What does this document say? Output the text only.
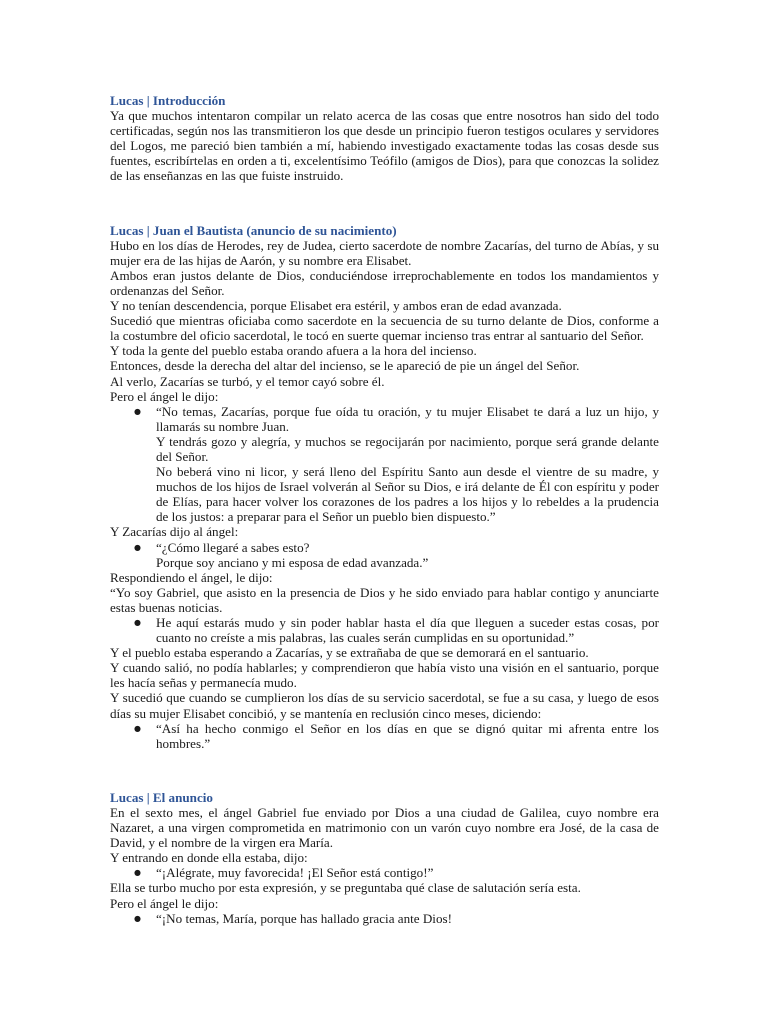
Lucas | Introducción

Ya que muchos intentaron compilar un relato acerca de las cosas que entre nosotros han sido del todo certificadas, según nos las transmitieron los que desde un principio fueron testigos oculares y servidores del Logos, me pareció bien también a mí, habiendo investigado exactamente todas las cosas desde sus fuentes, escribírtelas en orden a ti, excelentísimo Teófilo (amigos de Dios), para que conozcas la solidez de las enseñanzas en las que fuiste instruido.

Lucas | Juan el Bautista (anuncio de su nacimiento)

Hubo en los días de Herodes, rey de Judea, cierto sacerdote de nombre Zacarías, del turno de Abías, y su mujer era de las hijas de Aarón, y su nombre era Elisabet.

Ambos eran justos delante de Dios, conduciéndose irreprochablemente en todos los mandamientos y ordenanzas del Señor.

Y no tenían descendencia, porque Elisabet era estéril, y ambos eran de edad avanzada.

Sucedió que mientras oficiaba como sacerdote en la secuencia de su turno delante de Dios, conforme a la costumbre del oficio sacerdotal, le tocó en suerte quemar incienso tras entrar al santuario del Señor.

Y toda la gente del pueblo estaba orando afuera a la hora del incienso.

Entonces, desde la derecha del altar del incienso, se le apareció de pie un ángel del Señor.

Al verlo, Zacarías se turbó, y el temor cayó sobre él.

Pero el ángel le dijo:

● “No temas, Zacarías, porque fue oída tu oración, y tu mujer Elisabet te dará a luz un hijo, y llamarás su nombre Juan.
Y tendrás gozo y alegría, y muchos se regocijarán por nacimiento, porque será grande delante del Señor.
No beberá vino ni licor, y será lleno del Espíritu Santo aun desde el vientre de su madre, y muchos de los hijos de Israel volverán al Señor su Dios, e irá delante de Él con espíritu y poder de Elías, para hacer volver los corazones de los padres a los hijos y lo rebeldes a la prudencia de los justos: a preparar para el Señor un pueblo bien dispuesto.”

Y Zacarías dijo al ángel:

● “¿Cómo llegaré a sabes esto?
Porque soy anciano y mi esposa de edad avanzada.”

Respondiendo el ángel, le dijo:

“Yo soy Gabriel, que asisto en la presencia de Dios y he sido enviado para hablar contigo y anunciarte estas buenas noticias.

● He aquí estarás mudo y sin poder hablar hasta el día que lleguen a suceder estas cosas, por cuanto no creíste a mis palabras, las cuales serán cumplidas en su oportunidad.”

Y el pueblo estaba esperando a Zacarías, y se extrañaba de que se demorará en el santuario.

Y cuando salió, no podía hablarles; y comprendieron que había visto una visión en el santuario, porque les hacía señas y permanecía mudo.

Y sucedió que cuando se cumplieron los días de su servicio sacerdotal, se fue a su casa, y luego de esos días su mujer Elisabet concibió, y se mantenía en reclusión cinco meses, diciendo:

● “Así ha hecho conmigo el Señor en los días en que se dignó quitar mi afrenta entre los hombres.”
Lucas | El anuncio

En el sexto mes, el ángel Gabriel fue enviado por Dios a una ciudad de Galilea, cuyo nombre era Nazaret, a una virgen comprometida en matrimonio con un varón cuyo nombre era José, de la casa de David, y el nombre de la virgen era María.

Y entrando en donde ella estaba, dijo:

● “¡Alégrate, muy favorecida! ¡El Señor está contigo!”

Ella se turbo mucho por esta expresión, y se preguntaba qué clase de salutación sería esta.

Pero el ángel le dijo:

● “¡No temas, María, porque has hallado gracia ante Dios!
